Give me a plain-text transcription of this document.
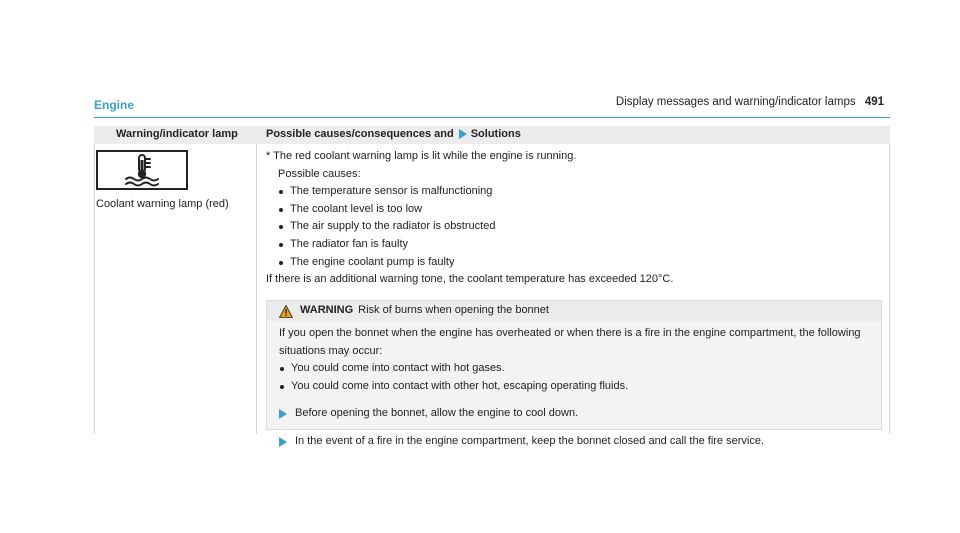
Display messages and warning/indicator lamps 491
Engine
Warning/indicator lamp	Possible causes/consequences and Solutions
Coolant warning lamp (red)

* The red coolant warning lamp is lit while the engine is running.

Possible causes:

The temperature sensor is malfunctioning
The coolant level is too low
The air supply to the radiator is obstructed
The radiator fan is faulty
The engine coolant pump is faulty

If there is an additional warning tone, the coolant temperature has exceeded 120°C.

WARNING Risk of burns when opening the bonnet

If you open the bonnet when the engine has overheated or when there is a fire in the engine compartment, the following situations may occur:

You could come into contact with hot gases.
You could come into contact with other hot, escaping operating fluids.
Before opening the bonnet, allow the engine to cool down.
In the event of a fire in the engine compartment, keep the bonnet closed and call the fire service.
